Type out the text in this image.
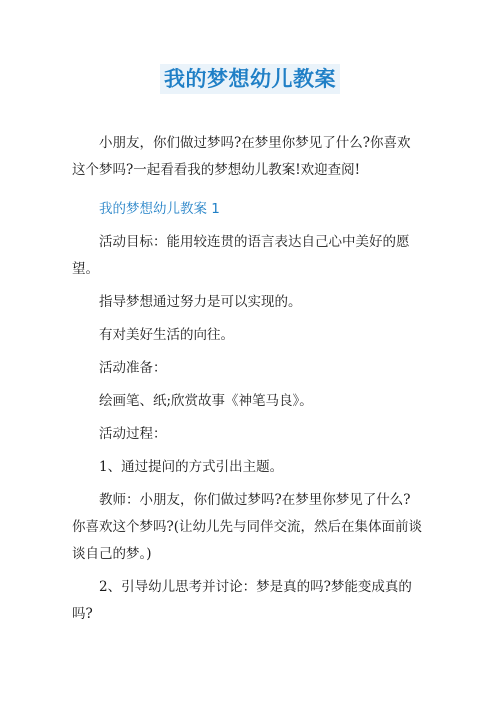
我的梦想幼儿教案

小朋友，你们做过梦吗?在梦里你梦见了什么?你喜欢这个梦吗?一起看看我的梦想幼儿教案!欢迎查阅!

我的梦想幼儿教案 1

活动目标：能用较连贯的语言表达自己心中美好的愿望。

指导梦想通过努力是可以实现的。

有对美好生活的向往。

活动准备：

绘画笔、纸;欣赏故事《神笔马良》。

活动过程：

1、通过提问的方式引出主题。

教师：小朋友，你们做过梦吗?在梦里你梦见了什么?你喜欢这个梦吗?(让幼儿先与同伴交流，然后在集体面前谈谈自己的梦。)

2、引导幼儿思考并讨论：梦是真的吗?梦能变成真的吗?
